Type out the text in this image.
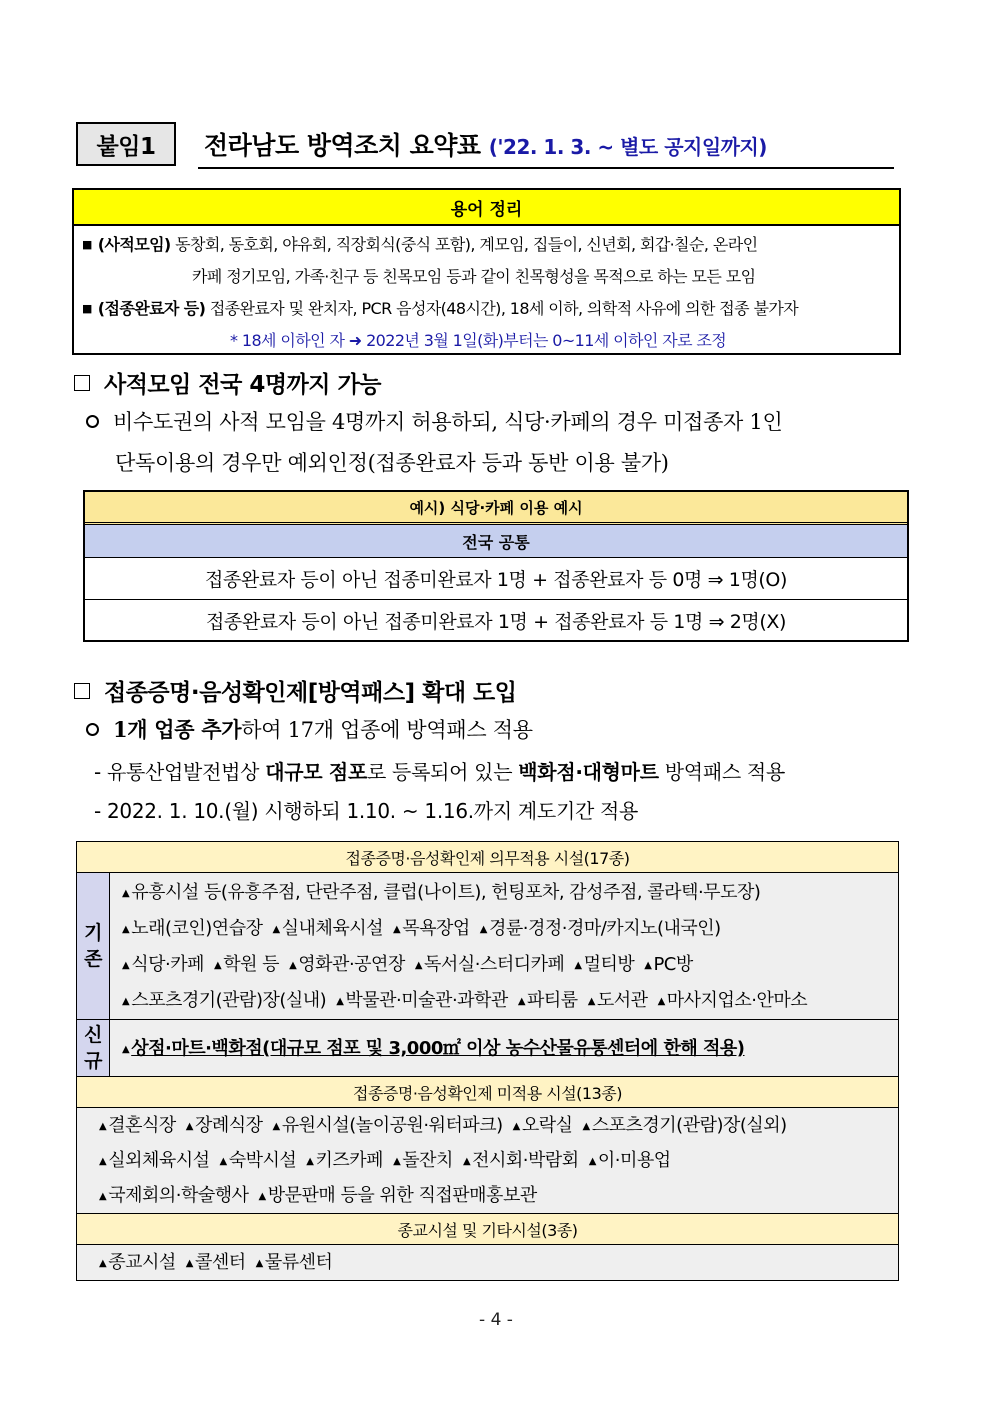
붙임1	전라남도 방역조치 요약표 ('22. 1. 3. ~ 별도 공지일까지)
용어 정리
■ (사적모임) 동창회, 동호회, 야유회, 직장회식(중식 포함), 계모임, 집들이, 신년회, 회갑·칠순, 온라인
카페 정기모임, 가족·친구 등 친목모임 등과 같이 친목형성을 목적으로 하는 모든 모임
■ (접종완료자 등) 접종완료자 및 완치자, PCR 음성자(48시간), 18세 이하, 의학적 사유에 의한 접종 불가자
* 18세 이하인 자 ➜ 2022년 3월 1일(화)부터는 0~11세 이하인 자로 조정
사적모임 전국 4명까지 가능
비수도권의 사적 모임을 4명까지 허용하되, 식당·카페의 경우 미접종자 1인
단독이용의 경우만 예외인정(접종완료자 등과 동반 이용 불가)
예시) 식당·카페 이용 예시
전국 공통
접종완료자 등이 아닌 접종미완료자 1명 + 접종완료자 등 0명 ⇒ 1명(O)
접종완료자 등이 아닌 접종미완료자 1명 + 접종완료자 등 1명 ⇒ 2명(X)
접종증명·음성확인제[방역패스] 확대 도입
1개 업종 추가하여 17개 업종에 방역패스 적용
- 유통산업발전법상 대규모 점포로 등록되어 있는 백화점·대형마트 방역패스 적용
- 2022. 1. 10.(월) 시행하되 1.10. ~ 1.16.까지 계도기간 적용
접종증명·음성확인제 의무적용 시설(17종)
기
존
▲ 유흥시설 등(유흥주점, 단란주점, 클럽(나이트), 헌팅포차, 감성주점, 콜라텍·무도장)
▲ 노래(코인)연습장 ▲ 실내체육시설 ▲ 목욕장업 ▲ 경륜·경정·경마/카지노(내국인)
▲ 식당·카페 ▲ 학원 등 ▲ 영화관·공연장 ▲ 독서실·스터디카페 ▲ 멀티방 ▲ PC방
▲ 스포츠경기(관람)장(실내) ▲ 박물관·미술관·과학관 ▲ 파티룸 ▲ 도서관 ▲ 마사지업소·안마소
신
규
▲ 상점·마트·백화점(대규모 점포 및 3,000㎡ 이상 농수산물유통센터에 한해 적용)
접종증명·음성확인제 미적용 시설(13종)
▲ 결혼식장 ▲ 장례식장 ▲ 유원시설(놀이공원·워터파크) ▲ 오락실 ▲ 스포츠경기(관람)장(실외)
▲ 실외체육시설 ▲ 숙박시설 ▲ 키즈카페 ▲ 돌잔치 ▲ 전시회·박람회 ▲ 이·미용업
▲ 국제회의·학술행사 ▲ 방문판매 등을 위한 직접판매홍보관
종교시설 및 기타시설(3종)
▲ 종교시설 ▲ 콜센터 ▲ 물류센터
- 4 -
